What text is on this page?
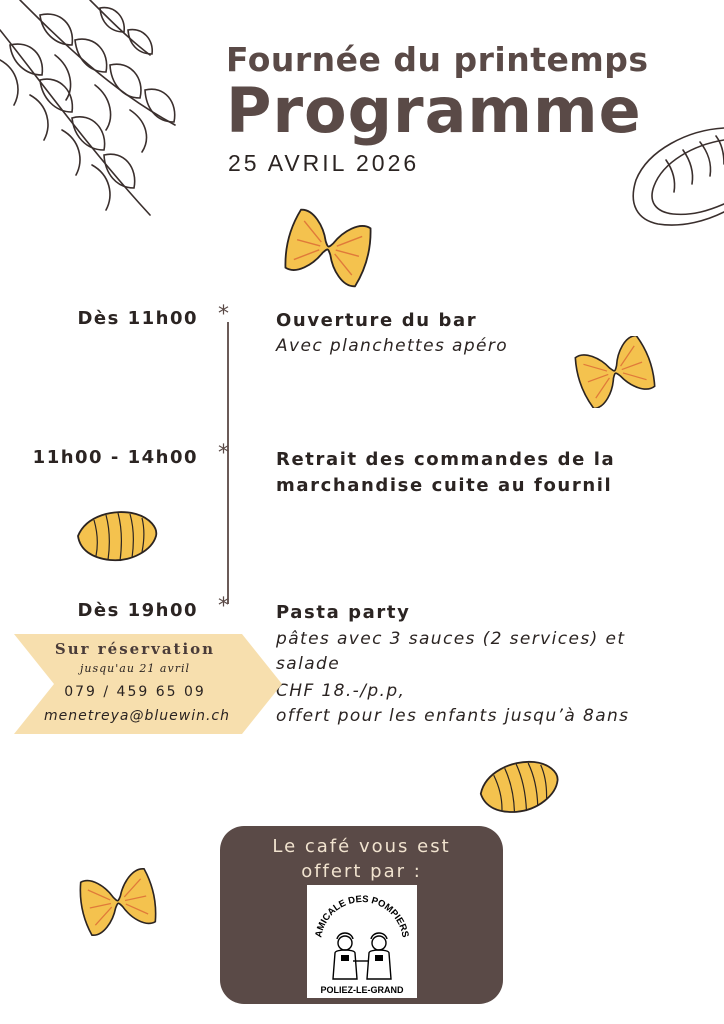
Fournée du printemps
Programme
25 AVRIL 2026
Dès 11h00 *	Ouverture du bar
Avec planchettes apéro
11h00 - 14h00 *	Retrait des commandes de la
marchandise cuite au fournil
Dès 19h00 *	Pasta party
pâtes avec 3 sauces (2 services) et
salade
CHF 18.-/p.p,
offert pour les enfants jusqu’à 8ans
Sur réservation
jusqu'au 21 avril
079 / 459 65 09
menetreya@bluewin.ch
Le café vous est
offert par :
AMICALE DES POMPIERS
POLIEZ-LE-GRAND
